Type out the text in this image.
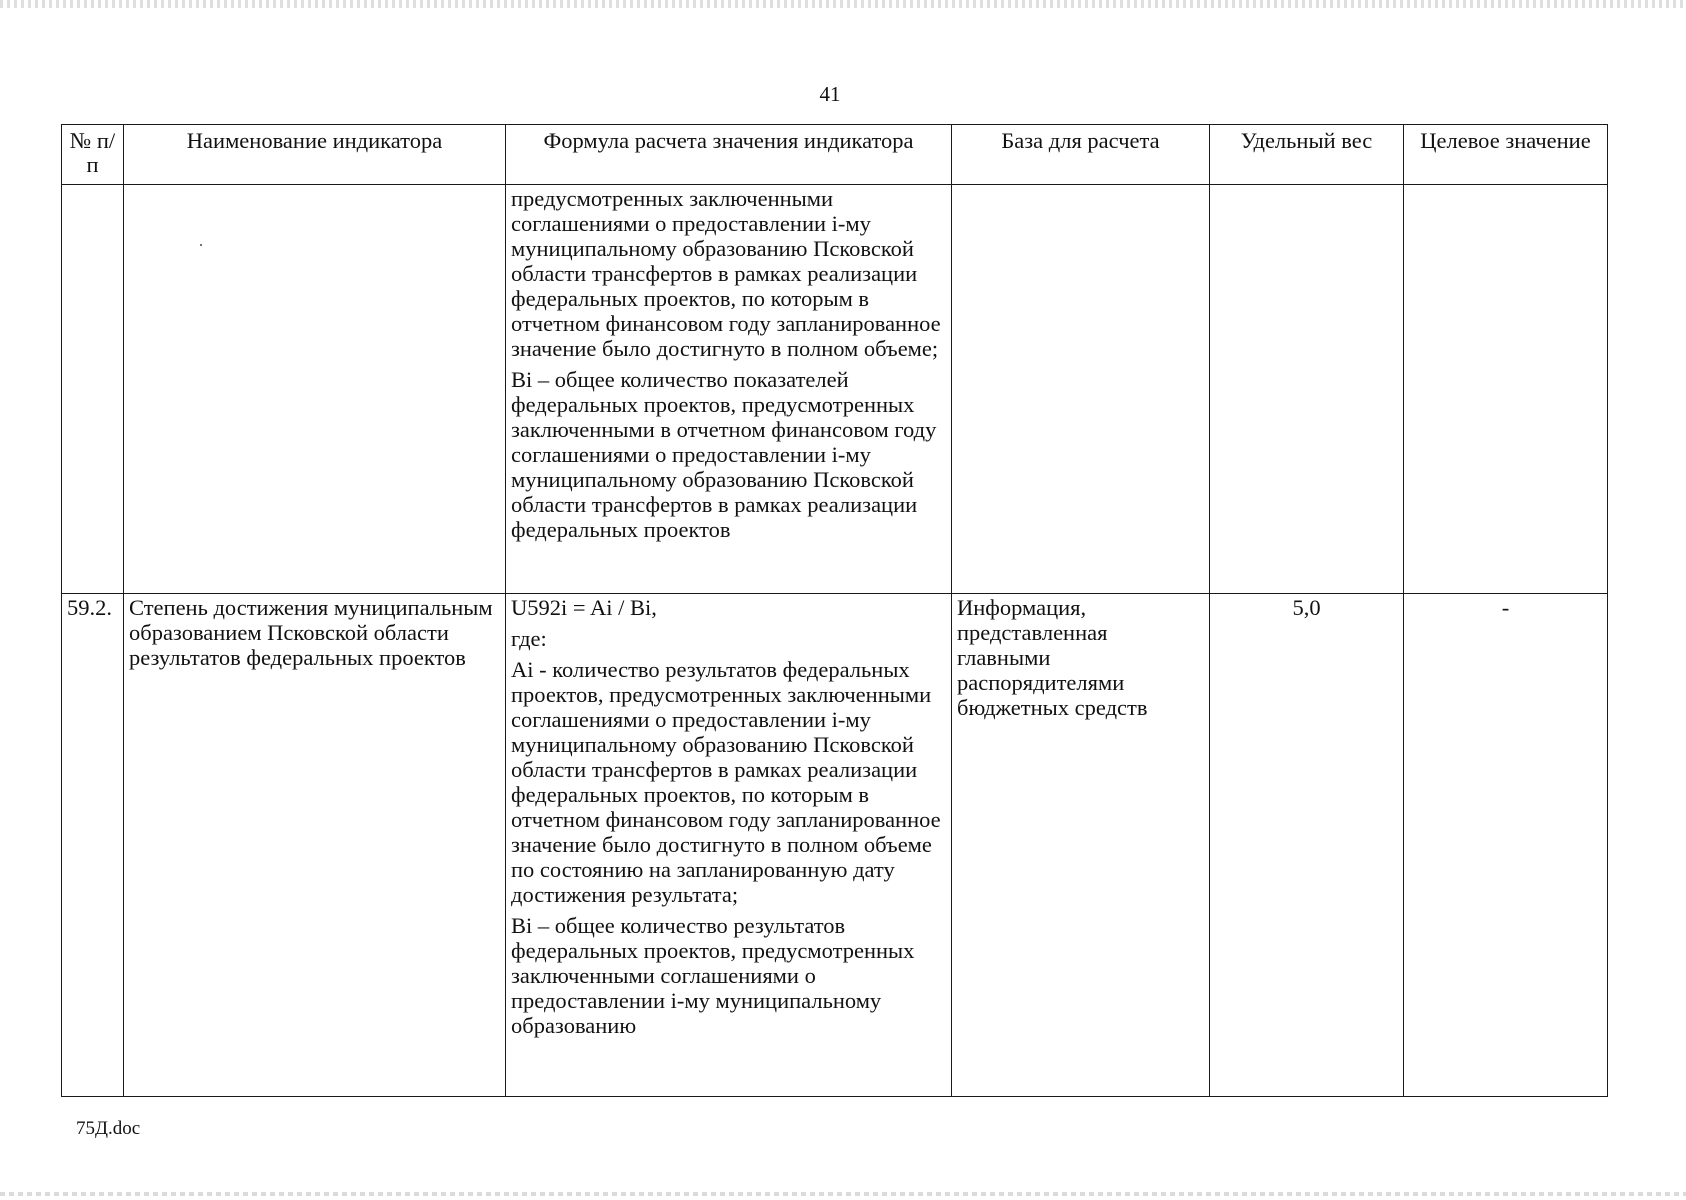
41
№ п/п	Наименование индикатора	Формула расчета значения индикатора	База для расчета	Удельный вес	Целевое значение

		предусмотренных заключенными соглашениями о предоставлении i-му муниципальному образованию Псковской области трансфертов в рамках реализации федеральных проектов, по которым в отчетном финансовом году запланированное значение было достигнуто в полном объеме;

Bi – общее количество показателей федеральных проектов, предусмотренных заключенными в отчетном финансовом году соглашениями о предоставлении i-му муниципальному образованию Псковской области трансфертов в рамках реализации федеральных проектов			

59.2.	Степень достижения муниципальным образованием Псковской области результатов федеральных проектов	U592i = Ai / Bi,

где:

Ai - количество результатов федеральных проектов, предусмотренных заключенными соглашениями о предоставлении i-му муниципальному образованию Псковской области трансфертов в рамках реализации федеральных проектов, по которым в отчетном финансовом году запланированное значение было достигнуто в полном объеме по состоянию на запланированную дату достижения результата;

Bi – общее количество результатов федеральных проектов, предусмотренных заключенными соглашениями о предоставлении i-му муниципальному образованию	Информация, представленная главными распорядителями бюджетных средств	5,0	-
75Д.doc
